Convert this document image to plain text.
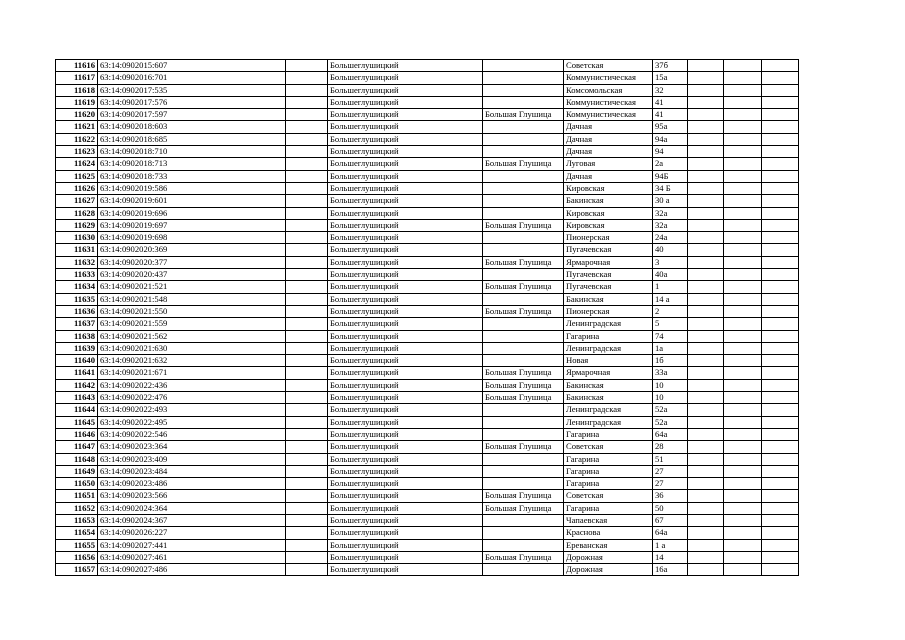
11616	63:14:0902015:607		Большеглушицкий		Советская	37б			
11617	63:14:0902016:701		Большеглушицкий		Коммунистическая	15а			
11618	63:14:0902017:535		Большеглушицкий		Комсомольская	32			
11619	63:14:0902017:576		Большеглушицкий		Коммунистическая	41			
11620	63:14:0902017:597		Большеглушицкий	Большая Глушица	Коммунистическая	41			
11621	63:14:0902018:603		Большеглушицкий		Дачная	95а			
11622	63:14:0902018:685		Большеглушицкий		Дачная	94а			
11623	63:14:0902018:710		Большеглушицкий		Дачная	94			
11624	63:14:0902018:713		Большеглушицкий	Большая Глушица	Луговая	2а			
11625	63:14:0902018:733		Большеглушицкий		Дачная	94Б			
11626	63:14:0902019:586		Большеглушицкий		Кировская	34 Б			
11627	63:14:0902019:601		Большеглушицкий		Бакинская	30 а			
11628	63:14:0902019:696		Большеглушицкий		Кировская	32а			
11629	63:14:0902019:697		Большеглушицкий	Большая Глушица	Кировская	32а			
11630	63:14:0902019:698		Большеглушицкий		Пионерская	24а			
11631	63:14:0902020:369		Большеглушицкий		Пугачевская	40			
11632	63:14:0902020:377		Большеглушицкий	Большая Глушица	Ярмарочная	3			
11633	63:14:0902020:437		Большеглушицкий		Пугачевская	40а			
11634	63:14:0902021:521		Большеглушицкий	Большая Глушица	Пугачевская	1			
11635	63:14:0902021:548		Большеглушицкий		Бакинская	14 а			
11636	63:14:0902021:550		Большеглушицкий	Большая Глушица	Пионерская	2			
11637	63:14:0902021:559		Большеглушицкий		Ленинградская	5			
11638	63:14:0902021:562		Большеглушицкий		Гагарина	74			
11639	63:14:0902021:630		Большеглушицкий		Ленинградская	1а			
11640	63:14:0902021:632		Большеглушицкий		Новая	1б			
11641	63:14:0902021:671		Большеглушицкий	Большая Глушица	Ярмарочная	33а			
11642	63:14:0902022:436		Большеглушицкий	Большая Глушица	Бакинская	10			
11643	63:14:0902022:476		Большеглушицкий	Большая Глушица	Бакинская	10			
11644	63:14:0902022:493		Большеглушицкий		Ленинградская	52а			
11645	63:14:0902022:495		Большеглушицкий		Ленинградская	52а			
11646	63:14:0902022:546		Большеглушицкий		Гагарина	64а			
11647	63:14:0902023:364		Большеглушицкий	Большая Глушица	Советская	28			
11648	63:14:0902023:409		Большеглушицкий		Гагарина	51			
11649	63:14:0902023:484		Большеглушицкий		Гагарина	27			
11650	63:14:0902023:486		Большеглушицкий		Гагарина	27			
11651	63:14:0902023:566		Большеглушицкий	Большая Глушица	Советская	36			
11652	63:14:0902024:364		Большеглушицкий	Большая Глушица	Гагарина	50			
11653	63:14:0902024:367		Большеглушицкий		Чапаевская	67			
11654	63:14:0902026:227		Большеглушицкий		Краснова	64а			
11655	63:14:0902027:441		Большеглушицкий		Ереванская	1 а			
11656	63:14:0902027:461		Большеглушицкий	Большая Глушица	Дорожная	14			
11657	63:14:0902027:486		Большеглушицкий		Дорожная	16а			
